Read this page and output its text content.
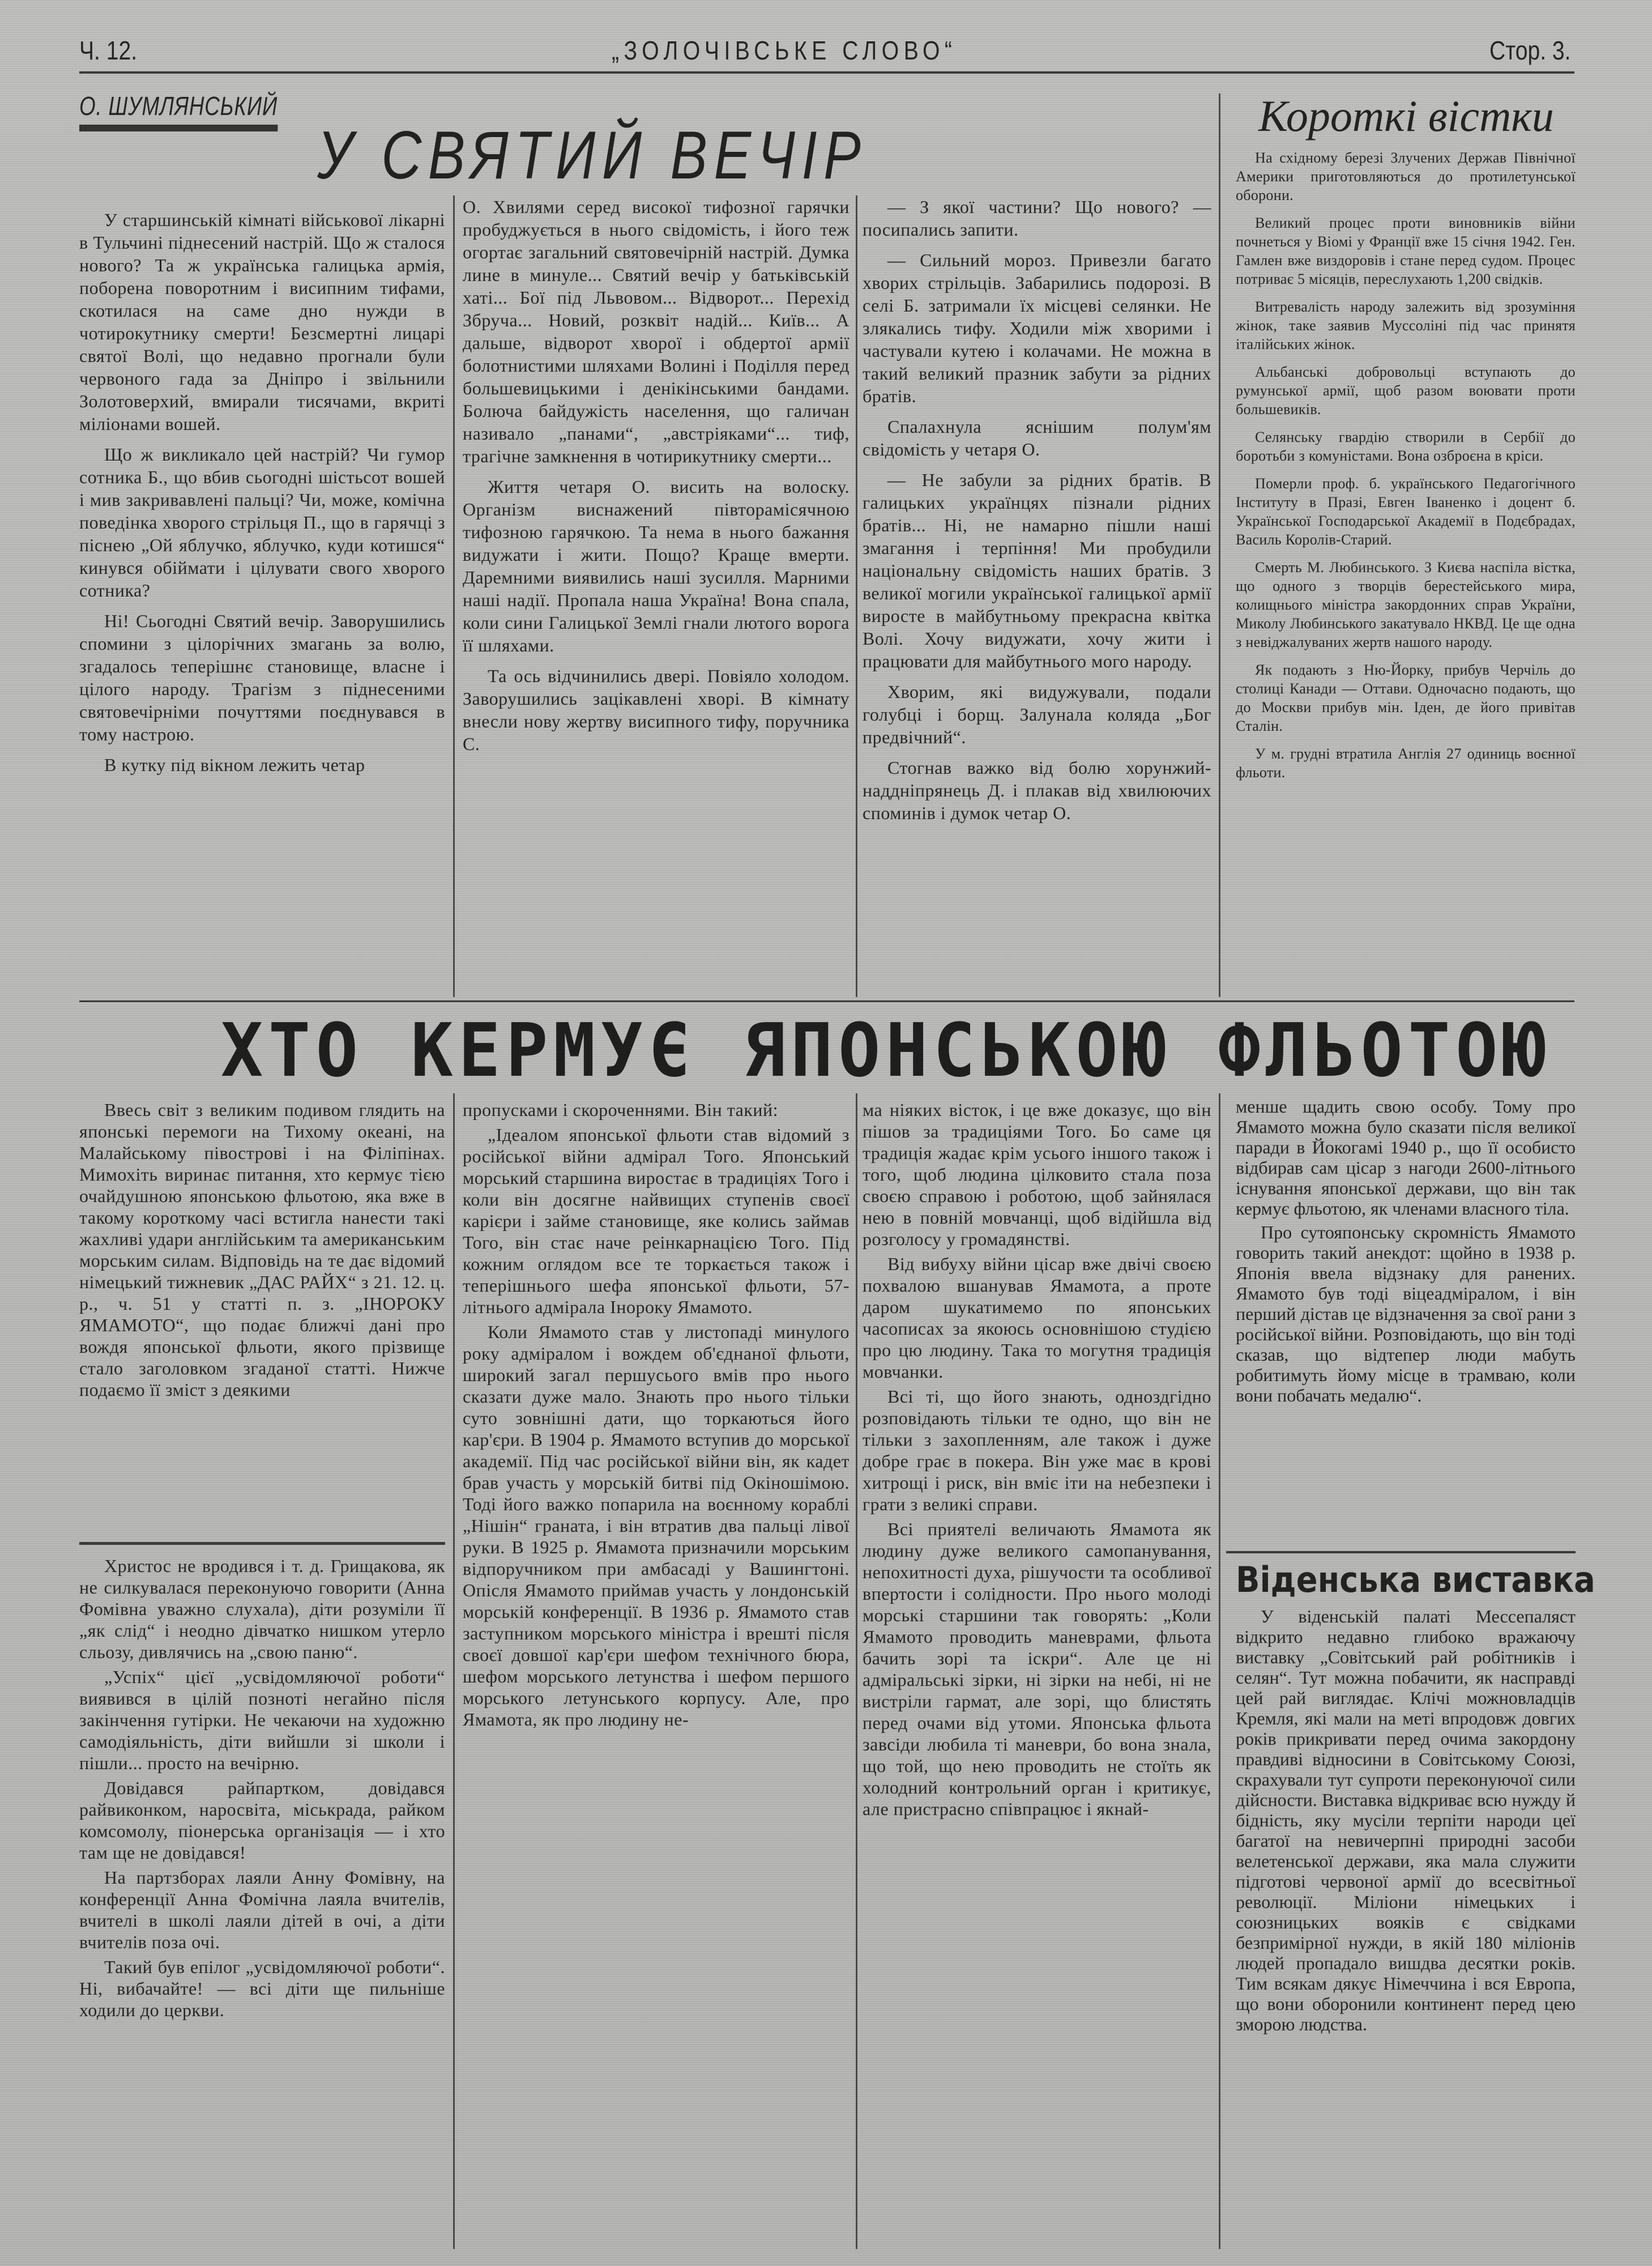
Ч. 12.	„ЗОЛОЧІВСЬКЕ СЛОВО“	Стор. 3.
О. ШУМЛЯНСЬКИЙ
У СВЯТИЙ ВЕЧІР
Короткі вістки

У старшинській кімнаті військової лікарні в Тульчині піднесений настрій. Що ж сталося нового? Та ж українська галицька армія, поборена поворотним і висипним тифами, скотилася на саме дно нужди в чотирокутнику смерти! Безсмертні лицарі святої Волі, що недавно прогнали були червоного гада за Дніпро і звільнили Золотоверхий, вмирали тисячами, вкриті міліонами вошей.

Що ж викликало цей настрій? Чи гумор сотника Б., що вбив сьогодні шістьсот вошей і мив закривавлені пальці? Чи, може, комічна поведінка хворого стрільця П., що в гарячці з піснею „Ой яблучко, яблучко, куди котишся“ кинувся обіймати і цілувати свого хворого сотника?

Ні! Сьогодні Святий вечір. Заворушились спомини з цілорічних змагань за волю, згадалось теперішнє становище, власне і цілого народу. Трагізм з піднесеними святовечірніми почуттями поєднувався в тому настрою.

В кутку під вікном лежить четар

О. Хвилями серед високої тифозної гарячки пробуджується в нього свідомість, і його теж огортає загальний святовечірній настрій. Думка лине в минуле... Святий вечір у батьківській хаті... Бої під Львовом... Відворот... Перехід Збруча... Новий, розквіт надій... Київ... А дальше, відворот хворої і обдертої армії болотнистими шляхами Волині і Поділля перед большевицькими і денікінськими бандами. Болюча байдужість населення, що галичан називало „панами“, „австріяками“... тиф, трагічне замкнення в чотирикутнику смерти...

Життя четаря О. висить на волоску. Організм виснажений півторамісячною тифозною гарячкою. Та нема в нього бажання видужати і жити. Пощо? Краще вмерти. Даремними виявились наші зусилля. Марними наші надії. Пропала наша Україна! Вона спала, коли сини Галицької Землі гнали лютого ворога її шляхами.

Та ось відчинились двері. Повіяло холодом. Заворушились зацікавлені хворі. В кімнату внесли нову жертву висипного тифу, поручника С.

— З якої частини? Що нового? — посипались запити.

— Сильний мороз. Привезли багато хворих стрільців. Забарились подорозі. В селі Б. затримали їх місцеві селянки. Не злякались тифу. Ходили між хворими і частували кутею і колачами. Не можна в такий великий празник забути за рідних братів.

Спалахнула яснішим полум'ям свідомість у четаря О.

— Не забули за рідних братів. В галицьких українцях пізнали рідних братів... Ні, не намарно пішли наші змагання і терпіння! Ми пробудили національну свідомість наших братів. З великої могили української галицької армії виросте в майбутньому прекрасна квітка Волі. Хочу видужати, хочу жити і працювати для майбутнього мого народу.

Хворим, які видужували, подали голубці і борщ. Залунала коляда „Бог предвічний“.

Стогнав важко від болю хорунжий-наддніпрянець Д. і плакав від хвилюючих споминів і думок четар О.

На східному березі Злучених Держав Північної Америки приготовляються до протилетунської оборони.

Великий процес проти виновників війни почнеться у Віомі у Франції вже 15 січня 1942. Ген. Гамлен вже виздоровів і стане перед судом. Процес потриває 5 місяців, переслухають 1,200 свідків.

Витревалість народу залежить від зрозуміння жінок, таке заявив Муссоліні під час принятя італійських жінок.

Альбанські добровольці вступають до румунської армії, щоб разом воювати проти большевиків.

Селянську гвардію створили в Сербії до боротьби з комуністами. Вона озброєна в кріси.

Померли проф. б. українського Педагогічного Інституту в Празі, Евген Іваненко і доцент б. Української Господарської Академії в Подєбрадах, Василь Королів-Старий.

Смерть М. Любинського. З Києва наспіла вістка, що одного з творців берестейського мира, колищнього міністра закордонних справ України, Миколу Любинського закатувало НКВД. Це ще одна з невіджалуваних жертв нашого народу.

Як подають з Ню-Йорку, прибув Черчіль до столиці Канади — Оттави. Одночасно подають, що до Москви прибув мін. Іден, де його привітав Сталін.

У м. грудні втратила Англія 27 одиниць воєнної фльоти.

ХТО КЕРМУЄ ЯПОНСЬКОЮ ФЛЬОТОЮ

Ввесь світ з великим подивом глядить на японські перемоги на Тихому океані, на Малайському півострові і на Філіпінах. Мимохіть виринає питання, хто кермує тією очайдушною японською фльотою, яка вже в такому короткому часі встигла нанести такі жахливі удари англійським та американським морським силам. Відповідь на те дає відомий німецький тижневик „ДАС РАЙХ“ з 21. 12. ц. р., ч. 51 у статті п. з. „ІНОРОКУ ЯМАМОТО“, що подає ближчі дані про вождя японської фльоти, якого прізвище стало заголовком згаданої статті. Нижче подаємо її зміст з деякими

Христос не вродився і т. д. Грищакова, як не силкувалася переконуючо говорити (Анна Фомівна уважно слухала), діти розуміли її „як слід“ і неодно дівчатко нишком утерло сльозу, дивлячись на „свою паню“.

„Успіх“ цієї „усвідомляючої роботи“ виявився в цілій позноті негайно після закінчення гутірки. Не чекаючи на художню самодіяльність, діти вийшли зі школи і пішли... просто на вечірню.

Довідався райпартком, довідався райвиконком, наросвіта, міськрада, райком комсомолу, піонерська організація — і хто там ще не довідався!

На партзборах лаяли Анну Фомівну, на конференції Анна Фомічна лаяла вчителів, вчителі в школі лаяли дітей в очі, а діти вчителів поза очі.

Такий був епілог „усвідомляючої роботи“. Ні, вибачайте! — всі діти ще пильніше ходили до церкви.

пропусками і скороченнями. Він такий:

„Ідеалом японської фльоти став відомий з російської війни адмірал Того. Японський морський старшина виростає в традиціях Того і коли він досягне найвищих ступенів своєї карієри і займе становище, яке колись займав Того, він стає наче реінкарнацією Того. Під кожним оглядом все те торкається також і теперішнього шефа японської фльоти, 57-літнього адмірала Інороку Ямамото.

Коли Ямамото став у листопаді минулого року адміралом і вождем об'єднаної фльоти, широкий загал першусього вмів про нього сказати дуже мало. Знають про нього тільки суто зовнішні дати, що торкаються його кар'єри. В 1904 р. Ямамото вступив до морської академії. Під час російської війни він, як кадет брав участь у морській битві під Окіношімою. Тоді його важко попарила на воєнному кораблі „Нішін“ граната, і він втратив два пальці лівої руки. В 1925 р. Ямамота призначили морським відпоручником при амбасаді у Вашингтоні. Опісля Ямамото приймав участь у лондонській морській конференції. В 1936 р. Ямамото став заступником морського міністра і врешті після своєї довшої кар'єри шефом технічного бюра, шефом морського летунства і шефом першого морського летунського корпусу. Але, про Ямамота, як про людину не-

ма ніяких вісток, і це вже доказує, що він пішов за традиціями Того. Бо саме ця традиція жадає крім усього іншого також і того, щоб людина цілковито стала поза своєю справою і роботою, щоб зайнялася нею в повній мовчанці, щоб відійшла від розголосу у громадянстві.

Від вибуху війни цісар вже двічі своєю похвалою вшанував Ямамота, а проте даром шукатимемо по японських часописах за якоюсь основнішою студією про цю людину. Така то могутня традиція мовчанки.

Всі ті, що його знають, одноздгідно розповідають тільки те одно, що він не тільки з захопленням, але також і дуже добре грає в покера. Він уже має в крові хитрощі і риск, він вміє іти на небезпеки і грати з великі справи.

Всі приятелі величають Ямамота як людину дуже великого самопанування, непохитності духа, рішучости та особливої впертости і солідности. Про нього молоді морські старшини так говорять: „Коли Ямамото проводить маневрами, фльота бачить зорі та іскри“. Але це ні адміральські зірки, ні зірки на небі, ні не вистріли гармат, але зорі, що блистять перед очами від утоми. Японська фльота завсіди любила ті маневри, бо вона знала, що той, що нею проводить не стоїть як холодний контрольний орган і критикує, але пристрасно співпрацює і якнай-

менше щадить свою особу. Тому про Ямамото можна було сказати після великої паради в Йокогамі 1940 р., що її особисто відбирав сам цісар з нагоди 2600-літнього існування японської держави, що він так кермує фльотою, як членами власного тіла.

Про сутояпонську скромність Ямамото говорить такий анекдот: щойно в 1938 р. Японія ввела відзнаку для ранених. Ямамото був тоді віцеадміралом, і він перший дістав це відзначення за свої рани з російської війни. Розповідають, що він тоді сказав, що відтепер люди мабуть робитимуть йому місце в трамваю, коли вони побачать медалю“.

Віденська виставка

У віденській палаті Мессепаляст відкрито недавно глибоко вражаючу виставку „Совітський рай робітників і селян“. Тут можна побачити, як насправді цей рай виглядає. Клічі можновладців Кремля, які мали на меті впродовж довгих років прикривати перед очима закордону правдиві відносини в Совітському Союзі, скрахували тут супроти переконуючої сили дійсности. Виставка відкриває всю нужду й бідність, яку мусіли терпіти народи цеї багатої на невичерпні природні засоби велетенської держави, яка мала служити підготові червоної армії до всесвітньої революції. Міліони німецьких і союзницьких вояків є свідками безпримірної нужди, в якій 180 міліонів людей пропадало вишдва десятки років. Тим всякам дякує Німеччина і вся Европа, що вони оборонили континент перед цею зморою людства.
